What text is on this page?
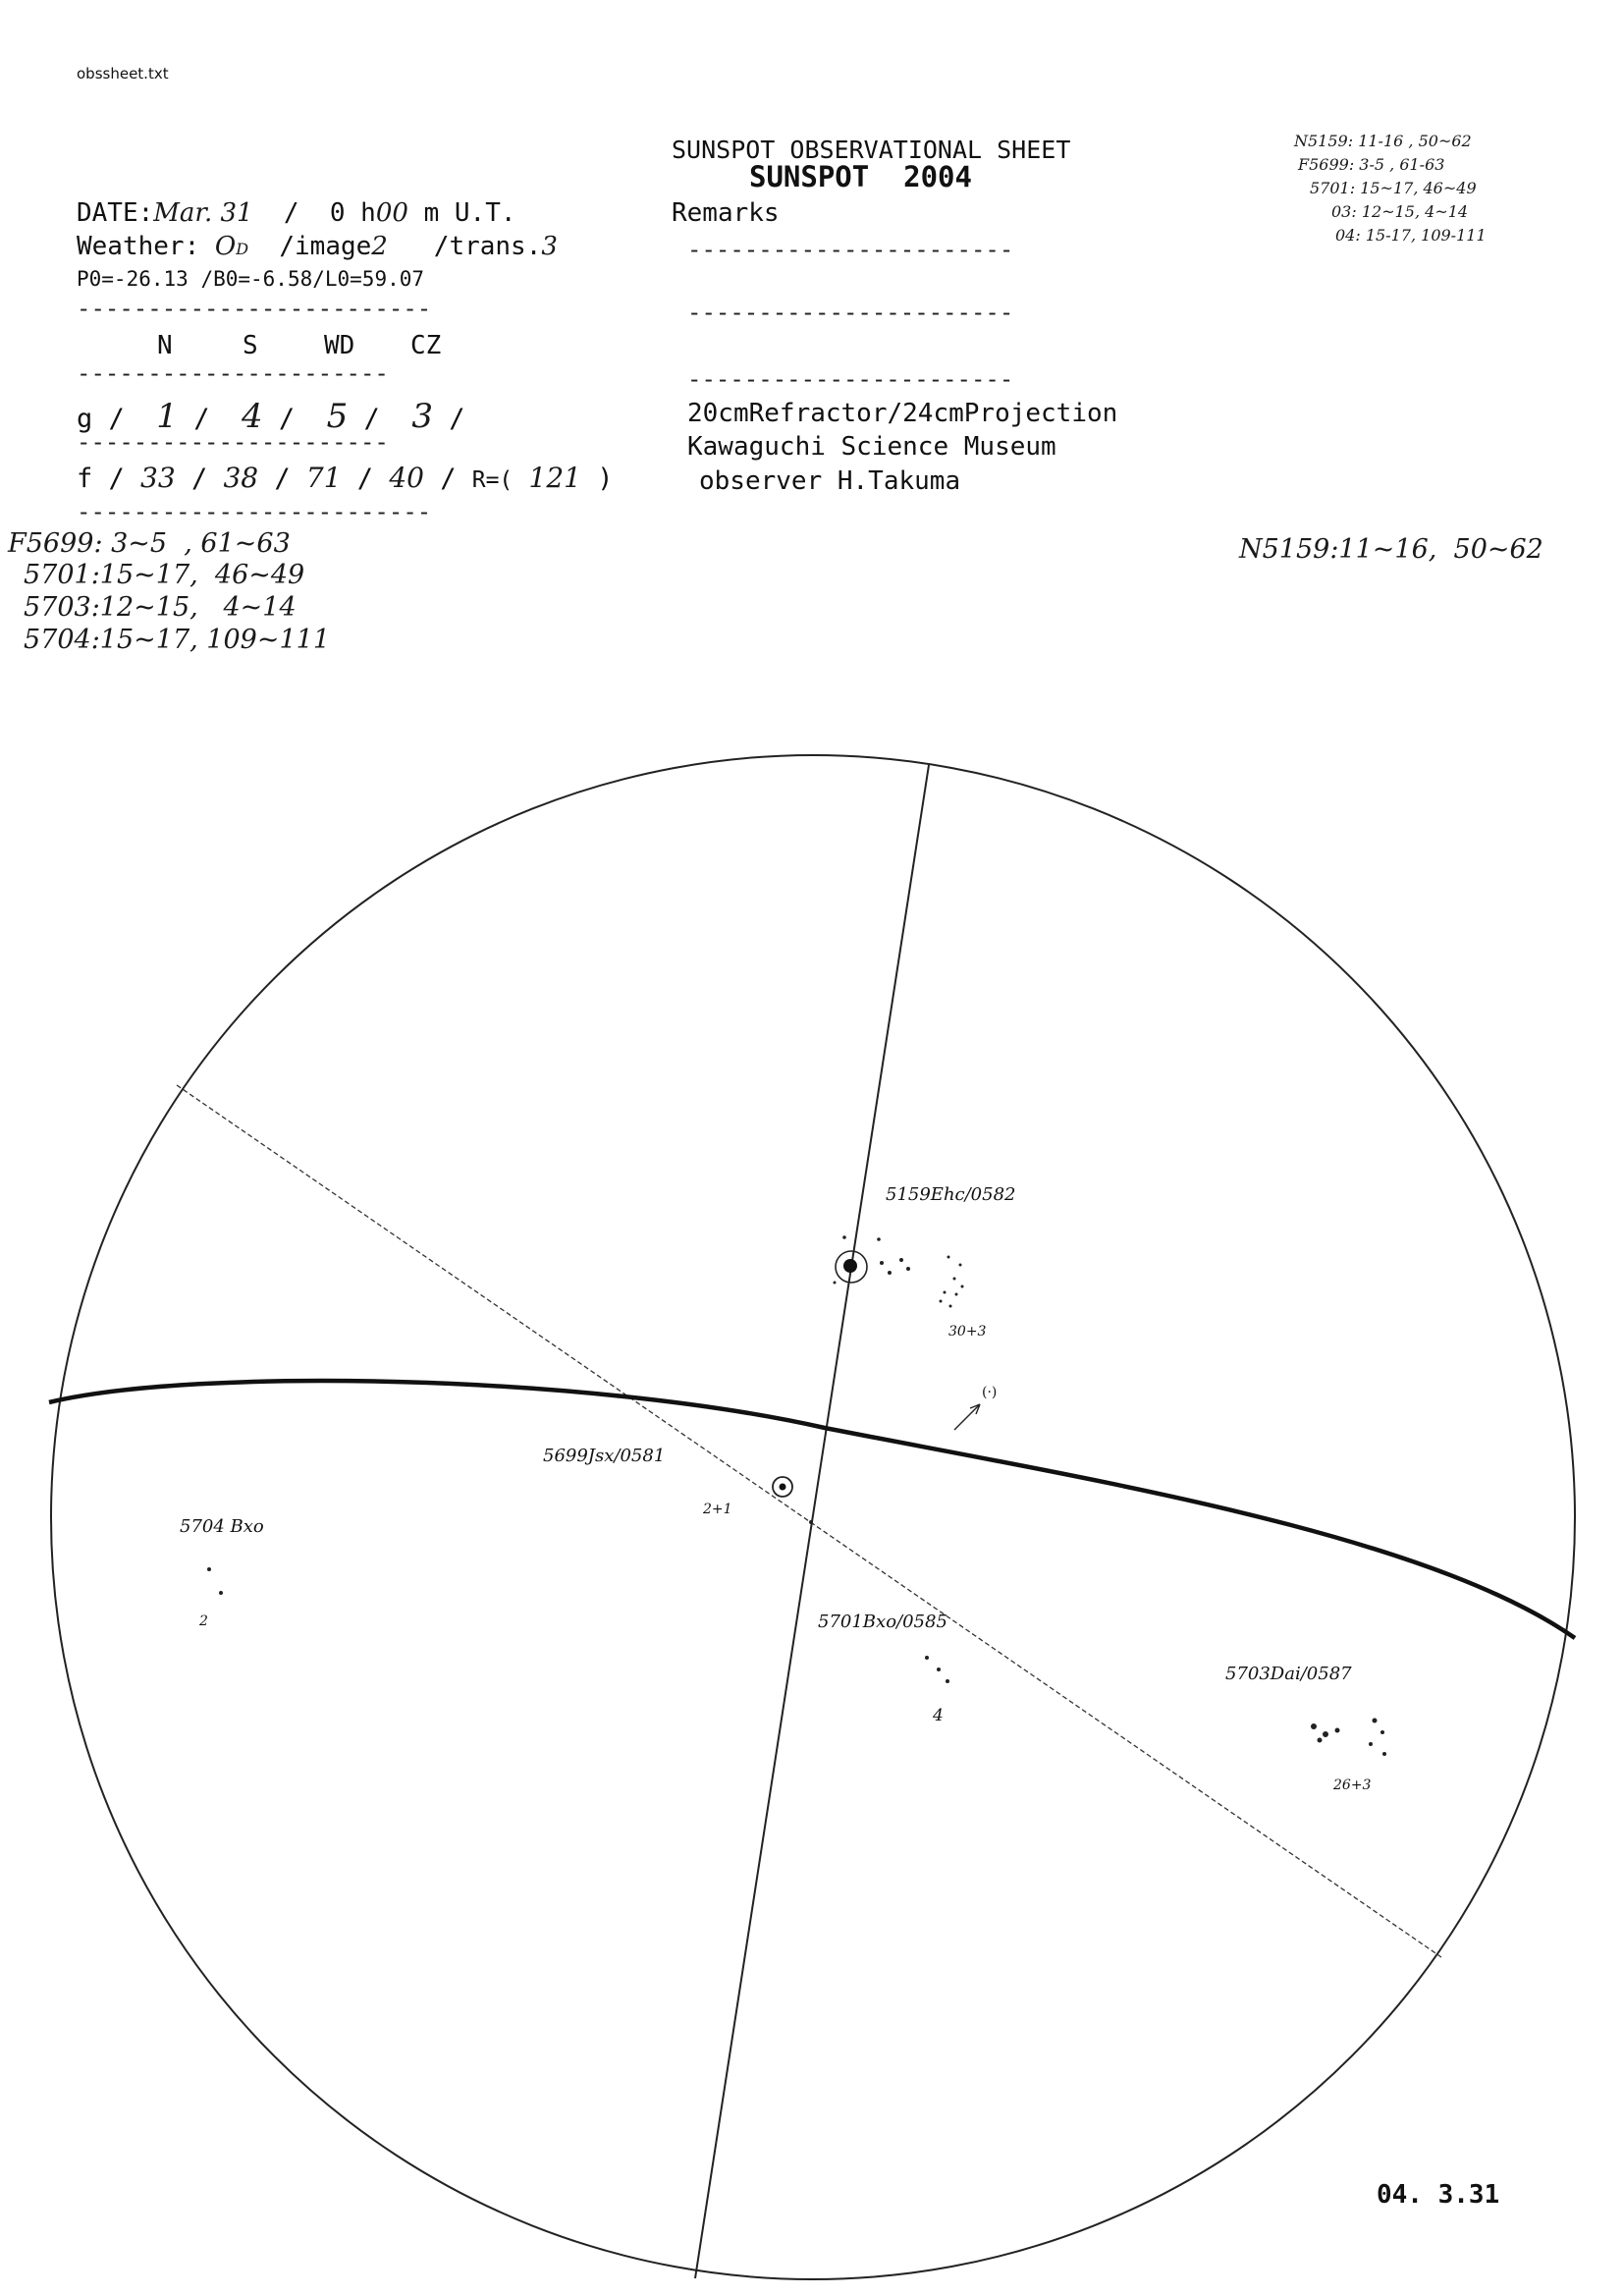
obssheet.txt
SUNSPOT OBSERVATIONAL SHEET
SUNSPOT  2004
DATE:Mar. 31  /  0 h00 m U.T.
Weather: OD  /image2   /trans.3
P0=-26.13 /B0=-6.58/L0=59.07
-------------------------
N	S	WD CZ
----------------------
g /  1 /  4 /  5 /  3 /
----------------------
f / 33 / 38 / 71 / 40 / R=( 121 )
-------------------------
Remarks
-----------------------
-----------------------
-----------------------
20cmRefractor/24cmProjection
Kawaguchi Science Museum
observer H.Takuma
N5159: 11-16 , 50~62
F5699: 3-5 , 61-63
5701: 15~17, 46~49
03: 12~15, 4~14
04: 15-17, 109-111
F5699: 3~5  , 61~63
5701:15~17,  46~49
5703:12~15,   4~14
5704:15~17, 109~111
N5159:11~16,  50~62
5159Ehc/0582
30+3
(·)
5699Jsx/0581
2+1
5704 Bxo
2	5701Bxo/0585
4
5703Dai/0587
26+3
04. 3.31
